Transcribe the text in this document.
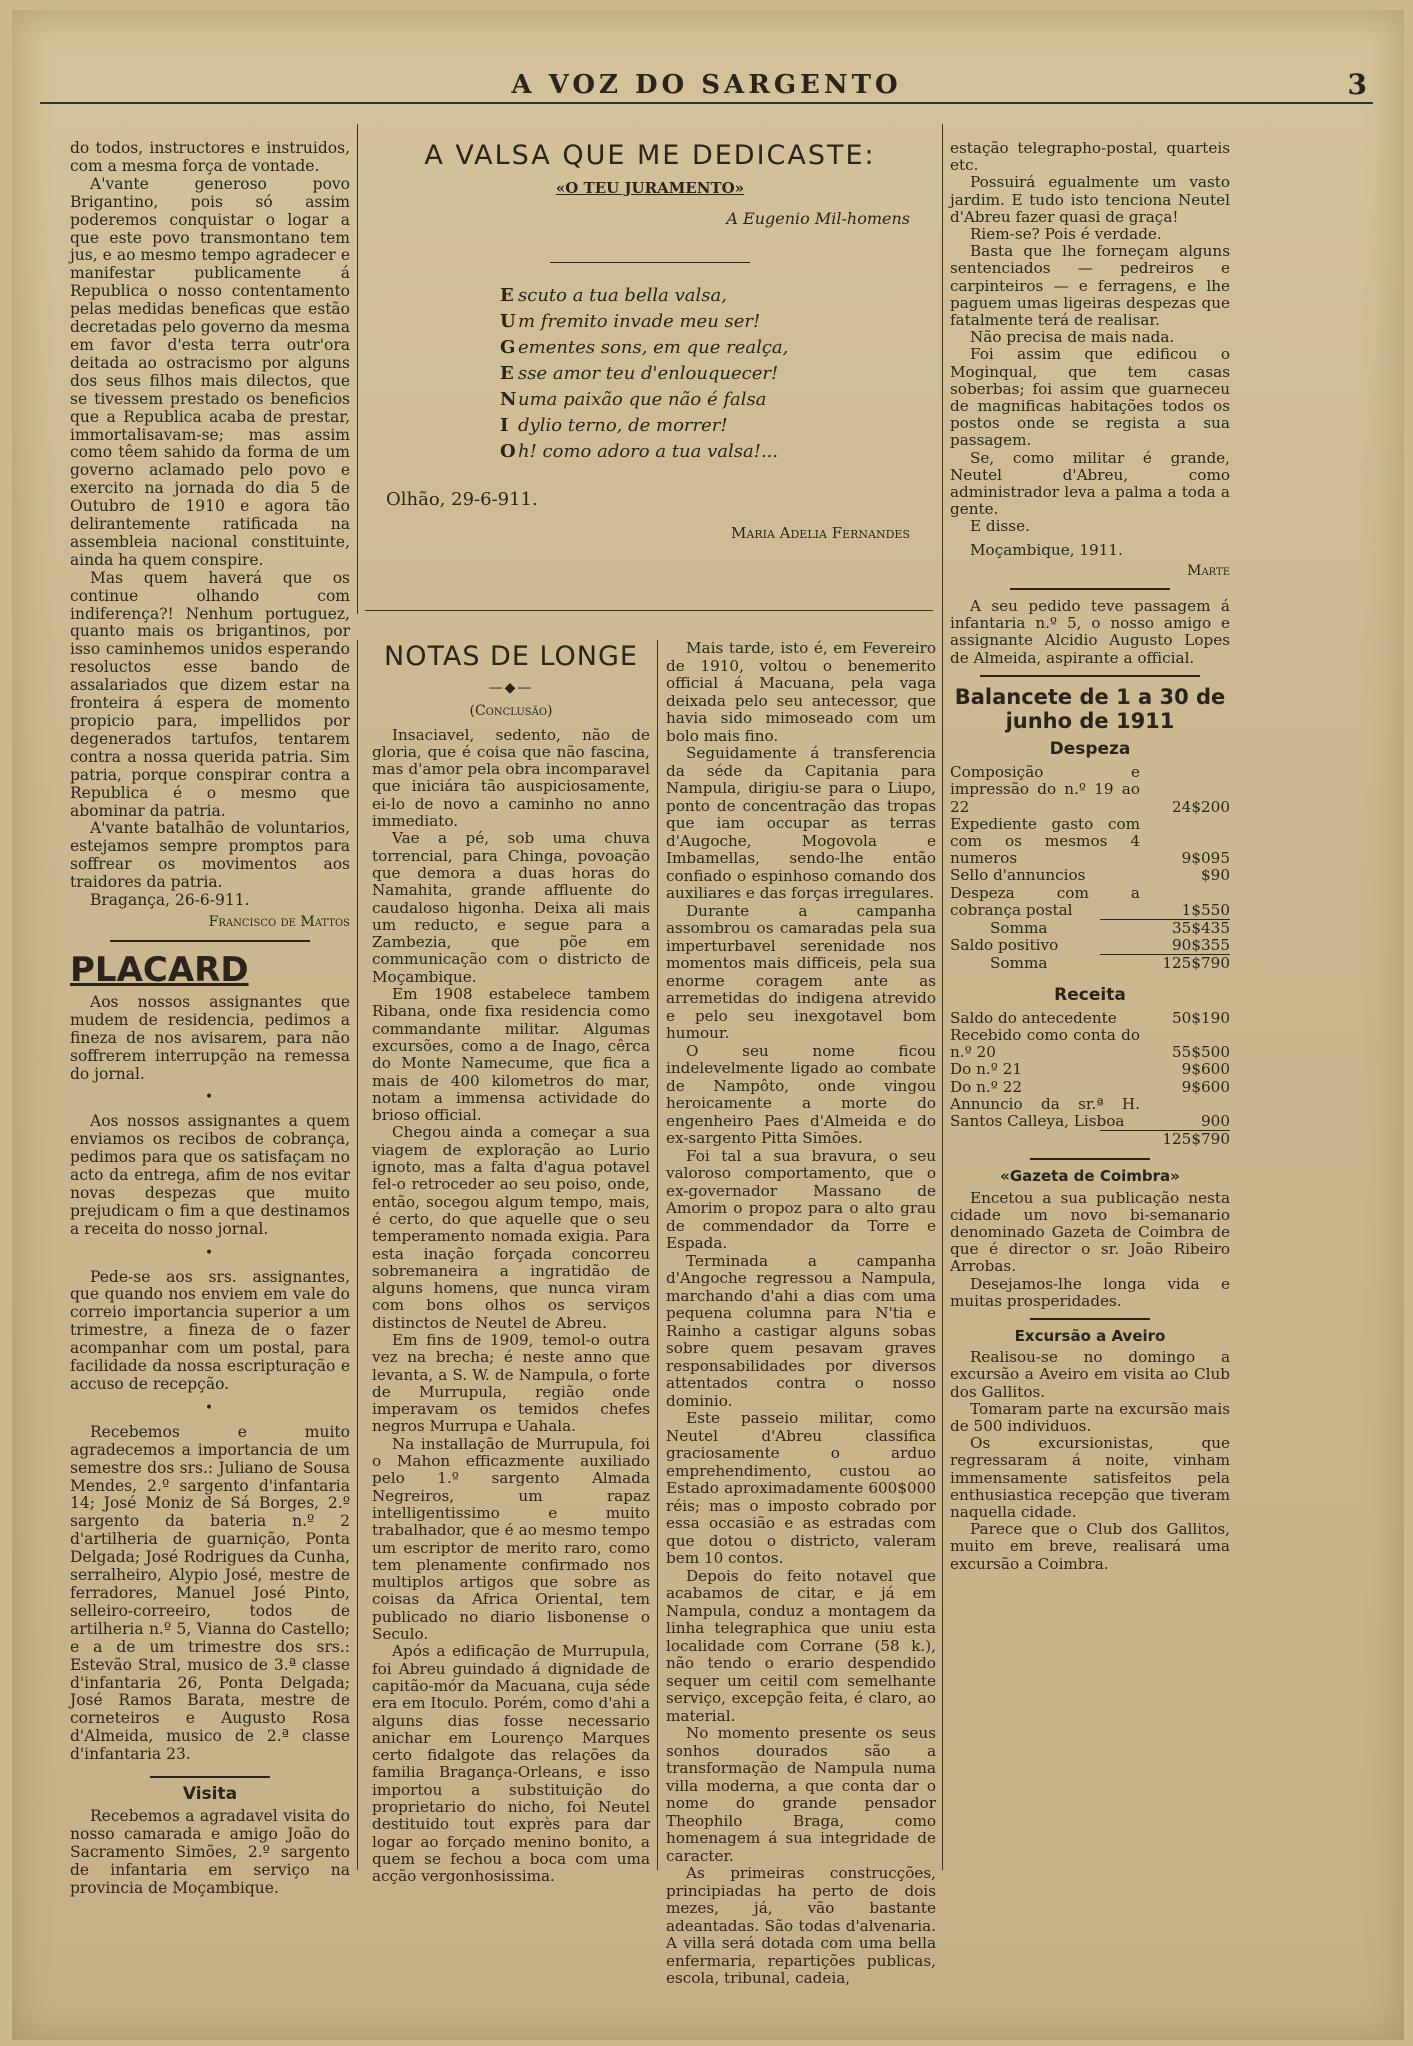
A VOZ DO SARGENTO	3

do todos, instructores e instruidos, com a mesma força de vontade.

A'vante generoso povo Brigantino, pois só assim poderemos conquistar o logar a que este povo transmontano tem jus, e ao mesmo tempo agradecer e manifestar publicamente á Republica o nosso contentamento pelas medidas beneficas que estão decretadas pelo governo da mesma em favor d'esta terra outr'ora deitada ao ostracismo por alguns dos seus filhos mais dilectos, que se tivessem prestado os beneficios que a Republica acaba de prestar, immortalisavam-se; mas assim como têem sahido da forma de um governo aclamado pelo povo e exercito na jornada do dia 5 de Outubro de 1910 e agora tão delirantemente ratificada na assembleia nacional constituinte, ainda ha quem conspire.

Mas quem haverá que os continue olhando com indiferença?! Nenhum portuguez, quanto mais os brigantinos, por isso caminhemos unidos esperando resoluctos esse bando de assalariados que dizem estar na fronteira á espera de momento propicio para, impellidos por degenerados tartufos, tentarem contra a nossa querida patria. Sim patria, porque conspirar contra a Republica é o mesmo que abominar da patria.

A'vante batalhão de voluntarios, estejamos sempre promptos para soffrear os movimentos aos traidores da patria.

Bragança, 26-6-911.

Francisco de Mattos
PLACARD

Aos nossos assignantes que mudem de residencia, pedimos a fineza de nos avisarem, para não soffrerem interrupção na remessa do jornal.

•

Aos nossos assignantes a quem enviamos os recibos de cobrança, pedimos para que os satisfaçam no acto da entrega, afim de nos evitar novas despezas que muito prejudicam o fim a que destinamos a receita do nosso jornal.

•

Pede-se aos srs. assignantes, que quando nos enviem em vale do correio importancia superior a um trimestre, a fineza de o fazer acompanhar com um postal, para facilidade da nossa escripturação e accuso de recepção.

•

Recebemos e muito agradecemos a importancia de um semestre dos srs.: Juliano de Sousa Mendes, 2.º sargento d'infantaria 14; José Moniz de Sá Borges, 2.º sargento da bateria n.º 2 d'artilheria de guarnição, Ponta Delgada; José Rodrigues da Cunha, serralheiro, Alypio José, mestre de ferradores, Manuel José Pinto, selleiro-correeiro, todos de artilheria n.º 5, Vianna do Castello; e a de um trimestre dos srs.: Estevão Stral, musico de 3.ª classe d'infantaria 26, Ponta Delgada; José Ramos Barata, mestre de corneteiros e Augusto Rosa d'Almeida, musico de 2.ª classe d'infantaria 23.

Visita

Recebemos a agradavel visita do nosso camarada e amigo João do Sacramento Simões, 2.º sargento de infantaria em serviço na provincia de Moçambique.

A VALSA QUE ME DEDICASTE:
«O TEU JURAMENTO»
A Eugenio Mil-homens
E scuto a tua bella valsa,
U m fremito invade meu ser!
G ementes sons, em que realça,
E sse amor teu d'enlouquecer!
Numa paixão que não é falsa
I dylio terno, de morrer!
O h! como adoro a tua valsa!...
Olhão, 29-6-911.
Maria Adelia Fernandes
NOTAS DE LONGE
—◆—
(Conclusão)

Insaciavel, sedento, não de gloria, que é coisa que não fascina, mas d'amor pela obra incomparavel que iniciára tão auspiciosamente, ei-lo de novo a caminho no anno immediato.

Vae a pé, sob uma chuva torrencial, para Chinga, povoação que demora a duas horas do Namahita, grande affluente do caudaloso higonha. Deixa ali mais um reducto, e segue para a Zambezia, que põe em communicação com o districto de Moçambique.

Em 1908 estabelece tambem Ribana, onde fixa residencia como commandante militar. Algumas excursões, como a de Inago, cêrca do Monte Namecume, que fica a mais de 400 kilometros do mar, notam a immensa actividade do brioso official.

Chegou ainda a começar a sua viagem de exploração ao Lurio ignoto, mas a falta d'agua potavel fel-o retroceder ao seu poiso, onde, então, socegou algum tempo, mais, é certo, do que aquelle que o seu temperamento nomada exigia. Para esta inação forçada concorreu sobremaneira a ingratidão de alguns homens, que nunca viram com bons olhos os serviços distinctos de Neutel de Abreu.

Em fins de 1909, temol-o outra vez na brecha; é neste anno que levanta, a S. W. de Nampula, o forte de Murrupula, região onde imperavam os temidos chefes negros Murrupa e Uahala.

Na installação de Murrupula, foi o Mahon efficazmente auxiliado pelo 1.º sargento Almada Negreiros, um rapaz intelligentissimo e muito trabalhador, que é ao mesmo tempo um escriptor de merito raro, como tem plenamente confirmado nos multiplos artigos que sobre as coisas da Africa Oriental, tem publicado no diario lisbonense o Seculo.

Após a edificação de Murrupula, foi Abreu guindado á dignidade de capitão-mór da Macuana, cuja séde era em Itoculo. Porém, como d'ahi a alguns dias fosse necessario anichar em Lourenço Marques certo fidalgote das relações da familia Bragança-Orleans, e isso importou a substituição do proprietario do nicho, foi Neutel destituido tout exprès para dar logar ao forçado menino bonito, a quem se fechou a boca com uma acção vergonhosissima.

Mais tarde, isto é, em Fevereiro de 1910, voltou o benemerito official á Macuana, pela vaga deixada pelo seu antecessor, que havia sido mimoseado com um bolo mais fino.

Seguidamente á transferencia da séde da Capitania para Nampula, dirigiu-se para o Liupo, ponto de concentração das tropas que iam occupar as terras d'Augoche, Mogovola e Imbamellas, sendo-lhe então confiado o espinhoso comando dos auxiliares e das forças irregulares.

Durante a campanha assombrou os camaradas pela sua imperturbavel serenidade nos momentos mais difficeis, pela sua enorme coragem ante as arremetidas do indigena atrevido e pelo seu inexgotavel bom humour.

O seu nome ficou indelevelmente ligado ao combate de Nampôto, onde vingou heroicamente a morte do engenheiro Paes d'Almeida e do ex-sargento Pitta Simões.

Foi tal a sua bravura, o seu valoroso comportamento, que o ex-governador Massano de Amorim o propoz para o alto grau de commendador da Torre e Espada.

Terminada a campanha d'Angoche regressou a Nampula, marchando d'ahi a dias com uma pequena columna para N'tia e Rainho a castigar alguns sobas sobre quem pesavam graves responsabilidades por diversos attentados contra o nosso dominio.

Este passeio militar, como Neutel d'Abreu classifica graciosamente o arduo emprehendimento, custou ao Estado aproximadamente 600$000 réis; mas o imposto cobrado por essa occasião e as estradas com que dotou o districto, valeram bem 10 contos.

Depois do feito notavel que acabamos de citar, e já em Nampula, conduz a montagem da linha telegraphica que uniu esta localidade com Corrane (58 k.), não tendo o erario despendido sequer um ceitil com semelhante serviço, excepção feita, é claro, ao material.

No momento presente os seus sonhos dourados são a transformação de Nampula numa villa moderna, a que conta dar o nome do grande pensador Theophilo Braga, como homenagem á sua integridade de caracter.

As primeiras construcções, principiadas ha perto de dois mezes, já, vão bastante adeantadas. São todas d'alvenaria. A villa será dotada com uma bella enfermaria, repartições publicas, escola, tribunal, cadeia,

estação telegrapho-postal, quarteis etc.

Possuirá egualmente um vasto jardim. E tudo isto tenciona Neutel d'Abreu fazer quasi de graça!

Riem-se? Pois é verdade.

Basta que lhe forneçam alguns sentenciados — pedreiros e carpinteiros — e ferragens, e lhe paguem umas ligeiras despezas que fatalmente terá de realisar.

Não precisa de mais nada.

Foi assim que edificou o Moginqual, que tem casas soberbas; foi assim que guarneceu de magnificas habitações todos os postos onde se regista a sua passagem.

Se, como militar é grande, Neutel d'Abreu, como administrador leva a palma a toda a gente.

E disse.

Moçambique, 1911.

Marte

A seu pedido teve passagem á infantaria n.º 5, o nosso amigo e assignante Alcidio Augusto Lopes de Almeida, aspirante a official.

Balancete de 1 a 30 de junho de 1911
Despeza
Composição e impressão do n.º 19 ao 22	24$200
Expediente gasto com com os mesmos 4 numeros	9$095
Sello d'annuncios	$90
Despeza com a cobrança postal	1$550
Somma	35$435
Saldo positivo	90$355
Somma	125$790
Receita
Saldo do antecedente	50$190
Recebido como conta do n.º 20	55$500
Do n.º 21	9$600
Do n.º 22	9$600
Annuncio da sr.ª H. Santos Calleya, Lisboa	900
125$790
«Gazeta de Coimbra»

Encetou a sua publicação nesta cidade um novo bi-semanario denominado Gazeta de Coimbra de que é director o sr. João Ribeiro Arrobas.

Desejamos-lhe longa vida e muitas prosperidades.

Excursão a Aveiro

Realisou-se no domingo a excursão a Aveiro em visita ao Club dos Gallitos.

Tomaram parte na excursão mais de 500 individuos.

Os excursionistas, que regressaram á noite, vinham immensamente satisfeitos pela enthusiastica recepção que tiveram naquella cidade.

Parece que o Club dos Gallitos, muito em breve, realisará uma excursão a Coimbra.
